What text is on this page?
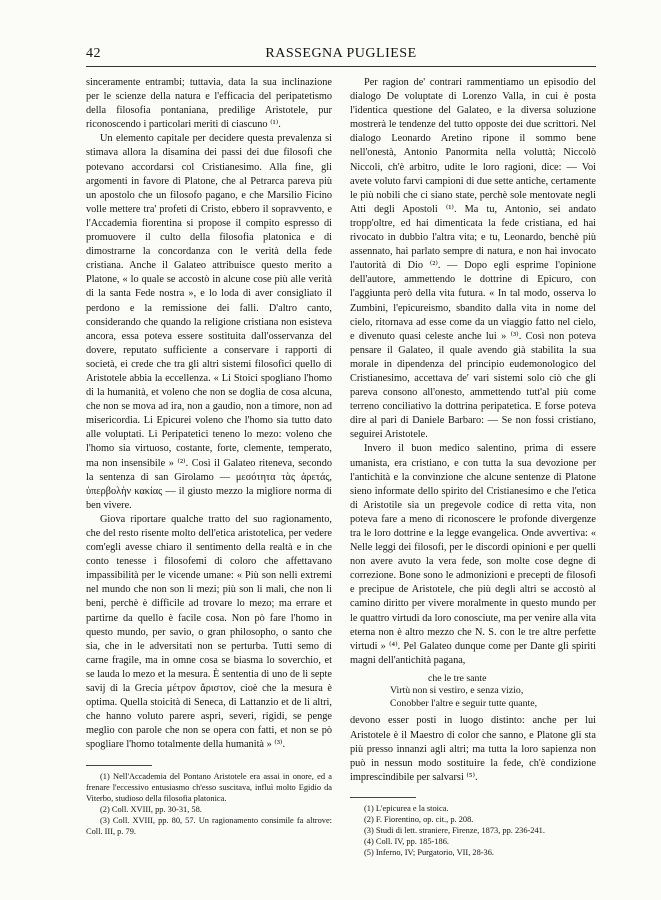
42	RASSEGNA PUGLIESE

sinceramente entrambi; tuttavia, data la sua inclinazione per le scienze della natura e l'efficacia del peripatetismo della filosofia pontaniana, predilige Aristotele, pur riconoscendo i particolari meriti di ciascuno ⁽¹⁾.

Un elemento capitale per decidere questa prevalenza si stimava allora la disamina dei passi dei due filosofi che potevano accordarsi col Cristianesimo. Alla fine, gli argomenti in favore di Platone, che al Petrarca pareva più un apostolo che un filosofo pagano, e che Marsilio Ficino volle mettere tra' profeti di Cristo, ebbero il sopravvento, e l'Accademia fiorentina si propose il compito espresso di promuovere il culto della filosofia platonica e di dimostrarne la concordanza con le verità della fede cristiana. Anche il Galateo attribuisce questo merito a Platone, « lo quale se accostò in alcune cose più alle verità di la santa Fede nostra », e lo loda di aver consigliato il perdono e la remissione dei falli. D'altro canto, considerando che quando la religione cristiana non esisteva ancora, essa poteva essere sostituita dall'osservanza del dovere, reputato sufficiente a conservare i rapporti di società, ei crede che tra gli altri sistemi filosofici quello di Aristotele abbia la eccellenza. « Li Stoici spogliano l'homo di la humanità, et voleno che non se doglia de cosa alcuna, che non se mova ad ira, non a gaudio, non a timore, non ad misericordia. Li Epicurei voleno che l'homo sia tutto dato alle voluptati. Li Peripatetici teneno lo mezo: voleno che l'homo sia virtuoso, costante, forte, clemente, temperato, ma non insensibile » ⁽²⁾. Così il Galateo riteneva, secondo la sentenza di san Girolamo — μεσότητα τὰς ἀρετάς, ὑπερβολὴν κακίας — il giusto mezzo la migliore norma di ben vivere.

Giova riportare qualche tratto del suo ragionamento, che del resto risente molto dell'etica aristotelica, per vedere com'egli avesse chiaro il sentimento della realtà e in che conto tenesse i filosofemi di coloro che affettavano impassibilità per le vicende umane: « Più son nelli extremi nel mundo che non son li mezi; più son li mali, che non li beni, perchè è difficile ad trovare lo mezo; ma errare et partirne da quello è facile cosa. Non pò fare l'homo in questo mundo, per savio, o gran philosopho, o santo che sia, che in le adversitati non se perturba. Tutti semo di carne fragile, ma in omne cosa se biasma lo soverchio, et se lauda lo mezo et la mesura. È sententia di uno de li septe savij di la Grecia μέτρον ἄριστον, cioè che la mesura è optima. Quella stoicità di Seneca, di Lattanzio et de li altri, che hanno voluto parere aspri, severi, rigidi, se penge meglio con parole che non se opera con fatti, et non se pò spogliare l'homo totalmente della humanità » ⁽³⁾.

(1) Nell'Accademia del Pontano Aristotele era assai in onore, ed a frenare l'eccessivo entusiasmo ch'esso suscitava, influì molto Egidio da Viterbo, studioso della filosofia platonica.

(2) Coll. XVIII, pp. 30-31, 58.

(3) Coll. XVIII, pp. 80, 57. Un ragionamento consimile fa altrove: Coll. III, p. 79.

Per ragion de' contrari rammentiamo un episodio del dialogo De voluptate di Lorenzo Valla, in cui è posta l'identica questione del Galateo, e la diversa soluzione mostrerà le tendenze del tutto opposte dei due scrittori. Nel dialogo Leonardo Aretino ripone il sommo bene nell'onestà, Antonio Panormita nella voluttà; Niccolò Niccoli, ch'è arbitro, udite le loro ragioni, dice: — Voi avete voluto farvi campioni di due sette antiche, certamente le più nobili che ci siano state, perchè sole mentovate negli Atti degli Apostoli ⁽¹⁾. Ma tu, Antonio, sei andato tropp'oltre, ed hai dimenticata la fede cristiana, ed hai rivocato in dubbio l'altra vita; e tu, Leonardo, benchè più assennato, hai parlato sempre di natura, e non hai invocato l'autorità di Dio ⁽²⁾. — Dopo egli esprime l'opinione dell'autore, ammettendo le dottrine di Epicuro, con l'aggiunta però della vita futura. « In tal modo, osserva lo Zumbini, l'epicureismo, sbandito dalla vita in nome del cielo, ritornava ad esse come da un viaggio fatto nel cielo, e divenuto quasi celeste anche lui » ⁽³⁾. Così non poteva pensare il Galateo, il quale avendo già stabilita la sua morale in dipendenza del principio eudemonologico del Cristianesimo, accettava de' vari sistemi solo ciò che gli pareva consono all'onesto, ammettendo tutt'al più come terreno conciliativo la dottrina peripatetica. E forse poteva dire al pari di Daniele Barbaro: — Se non fossi cristiano, seguirei Aristotele.

Invero il buon medico salentino, prima di essere umanista, era cristiano, e con tutta la sua devozione per l'antichità e la convinzione che alcune sentenze di Platone sieno informate dello spirito del Cristianesimo e che l'etica di Aristotile sia un pregevole codice di retta vita, non poteva fare a meno di riconoscere le profonde divergenze tra le loro dottrine e la legge evangelica. Onde avvertiva: « Nelle leggi dei filosofi, per le discordi opinioni e per quelli non avere avuto la vera fede, son molte cose degne di correzione. Bone sono le admonizioni e precepti de filosofi e precipue de Aristotele, che più degli altri se accostò al camino diritto per vivere moralmente in questo mundo per le quattro virtudi da loro conosciute, ma per venire alla vita eterna non è altro mezzo che N. S. con le tre altre perfette virtudi » ⁽⁴⁾. Pel Galateo dunque come per Dante gli spiriti magni dell'antichità pagana,

che le tre sante
Virtù non si vestiro, e senza vizio,
Conobber l'altre e seguir tutte quante,

devono esser posti in luogo distinto: anche per lui Aristotele è il Maestro di color che sanno, e Platone gli sta più presso innanzi agli altri; ma tutta la loro sapienza non può in nessun modo sostituire la fede, ch'è condizione imprescindibile per salvarsi ⁽⁵⁾.

(1) L'epicurea e la stoica.

(2) F. Fiorentino, op. cit., p. 208.

(3) Studi di lett. straniere, Firenze, 1873, pp. 236-241.

(4) Coll. IV, pp. 185-186.

(5) Inferno, IV; Purgatorio, VII, 28-36.
